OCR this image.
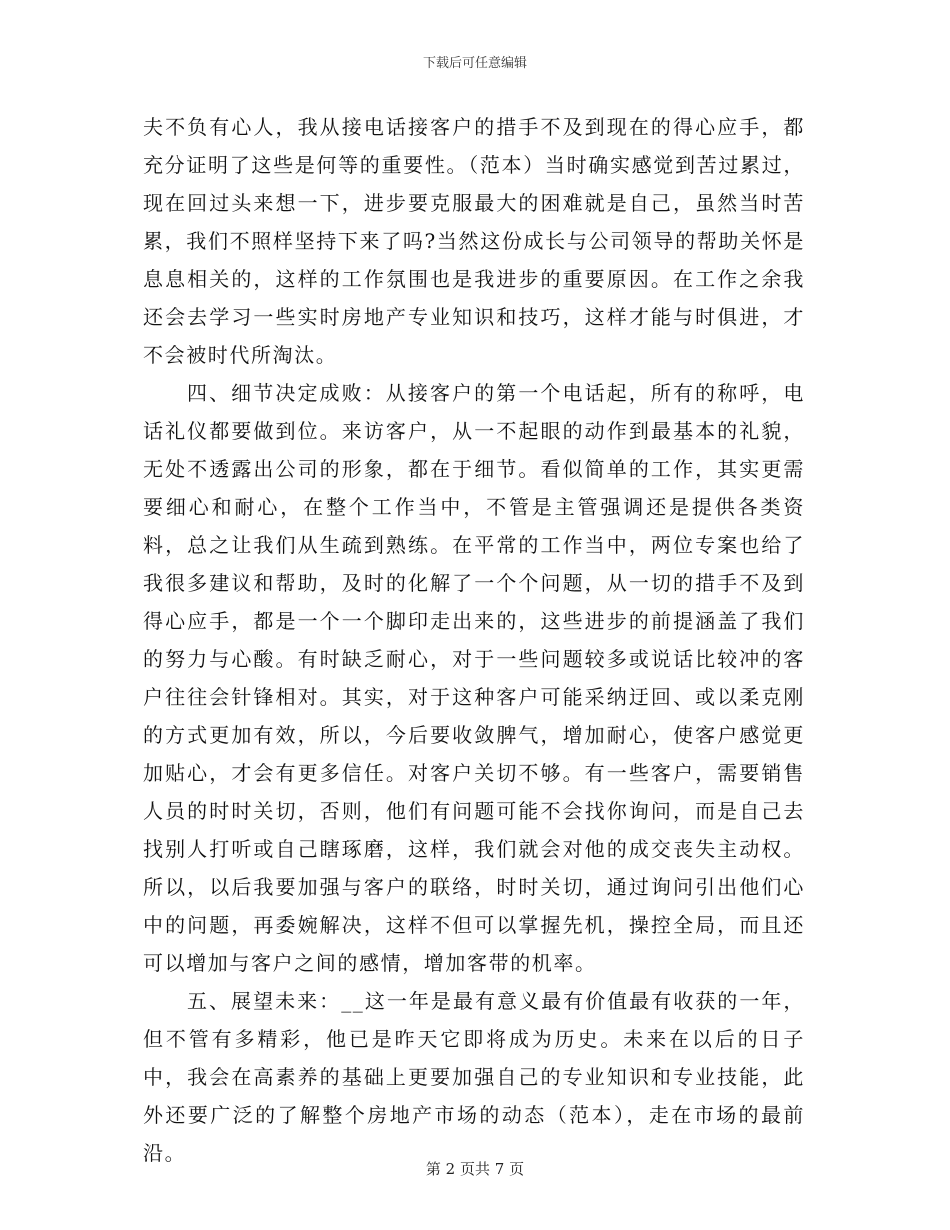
下载后可任意编辑

夫不负有心人，我从接电话接客户的措手不及到现在的得心应手，都充分证明了这些是何等的重要性。（范本）当时确实感觉到苦过累过，现在回过头来想一下，进步要克服最大的困难就是自己，虽然当时苦累，我们不照样坚持下来了吗?当然这份成长与公司领导的帮助关怀是息息相关的，这样的工作氛围也是我进步的重要原因。在工作之余我还会去学习一些实时房地产专业知识和技巧，这样才能与时俱进，才不会被时代所淘汰。

四、细节决定成败：从接客户的第一个电话起，所有的称呼，电话礼仪都要做到位。来访客户，从一不起眼的动作到最基本的礼貌，无处不透露出公司的形象，都在于细节。看似简单的工作，其实更需要细心和耐心，在整个工作当中，不管是主管强调还是提供各类资料，总之让我们从生疏到熟练。在平常的工作当中，两位专案也给了我很多建议和帮助，及时的化解了一个个问题，从一切的措手不及到得心应手，都是一个一个脚印走出来的，这些进步的前提涵盖了我们的努力与心酸。有时缺乏耐心，对于一些问题较多或说话比较冲的客户往往会针锋相对。其实，对于这种客户可能采纳迂回、或以柔克刚的方式更加有效，所以，今后要收敛脾气，增加耐心，使客户感觉更加贴心，才会有更多信任。对客户关切不够。有一些客户，需要销售人员的时时关切，否则，他们有问题可能不会找你询问，而是自己去找别人打听或自己瞎琢磨，这样，我们就会对他的成交丧失主动权。所以，以后我要加强与客户的联络，时时关切，通过询问引出他们心中的问题，再委婉解决，这样不但可以掌握先机，操控全局，而且还可以增加与客户之间的感情，增加客带的机率。

五、展望未来：__这一年是最有意义最有价值最有收获的一年，但不管有多精彩，他已是昨天它即将成为历史。未来在以后的日子中，我会在高素养的基础上更要加强自己的专业知识和专业技能，此外还要广泛的了解整个房地产市场的动态（范本），走在市场的最前沿。

第 2 页共 7 页
